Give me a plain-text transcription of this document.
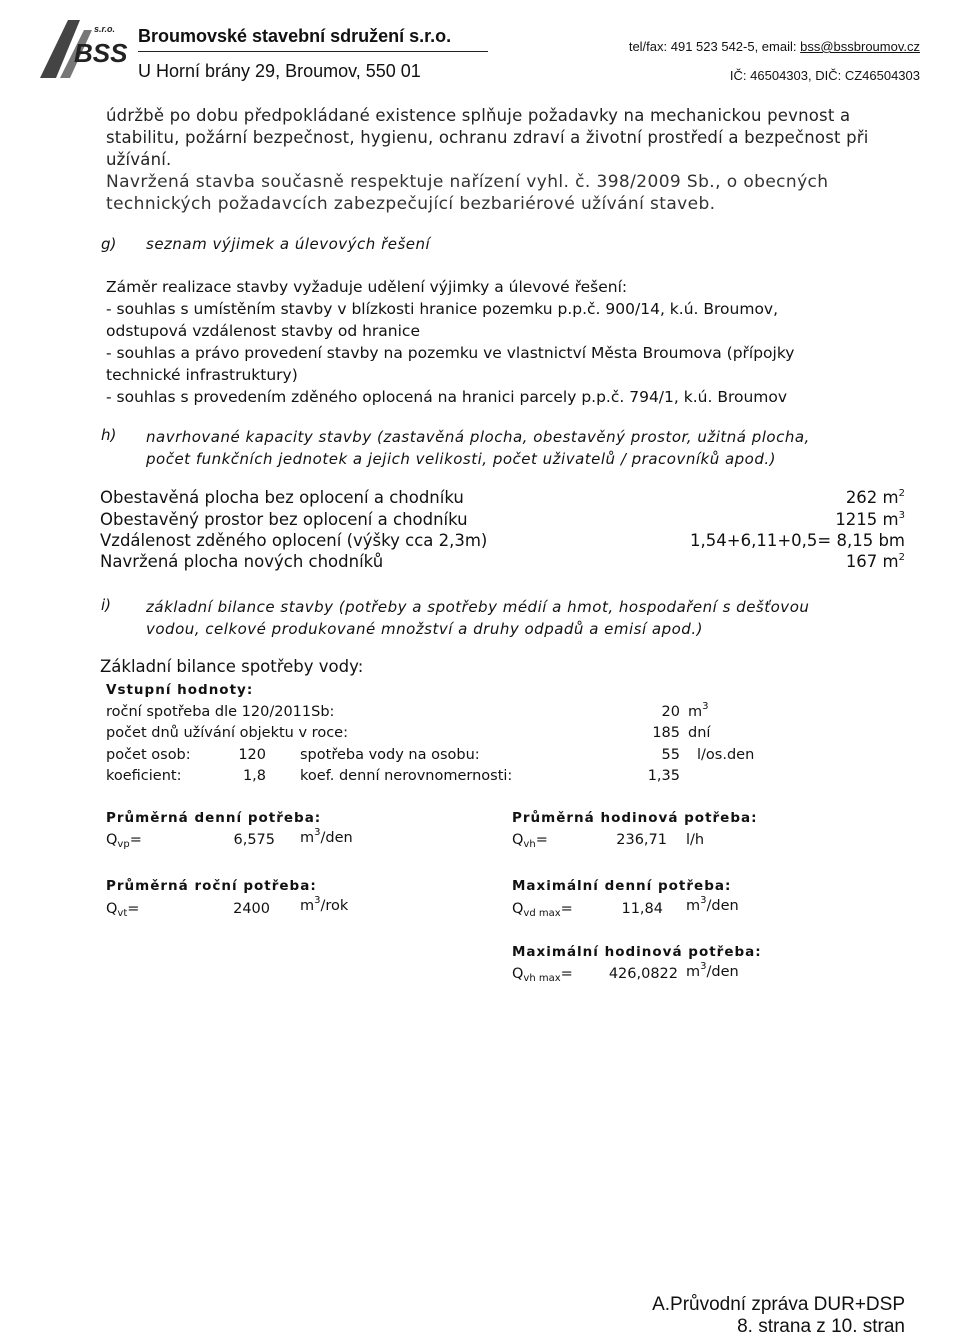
BSS
s.r.o. Broumovské stavební sdružení s.r.o.
U Horní brány 29, Broumov, 550 01
tel/fax: 491 523 542-5, email: bss@bssbroumov.cz
IČ: 46504303, DIČ: CZ46504303
údržbě po dobu předpokládané existence splňuje požadavky na mechanickou pevnost a
stabilitu, požární bezpečnost, hygienu, ochranu zdraví a životní prostředí a bezpečnost při
užívání.
Navržená stavba současně respektuje nařízení vyhl. č. 398/2009 Sb., o obecných
technických požadavcích zabezpečující bezbariérové užívání staveb.
g) seznam výjimek a úlevových řešení
Záměr realizace stavby vyžaduje udělení výjimky a úlevové řešení:
- souhlas s umístěním stavby v blízkosti hranice pozemku p.p.č. 900/14, k.ú. Broumov,
odstupová vzdálenost stavby od hranice
- souhlas a právo provedení stavby na pozemku ve vlastnictví Města Broumova (přípojky
technické infrastruktury)
- souhlas s provedením zděného oplocená na hranici parcely p.p.č. 794/1, k.ú. Broumov
h) navrhované kapacity stavby (zastavěná plocha, obestavěný prostor, užitná plocha,
počet funkčních jednotek a jejich velikosti, počet uživatelů / pracovníků apod.)
Obestavěná plocha bez oplocení a chodníku	262 $m^2$
Obestavěný prostor bez oplocení a chodníku	1215 $m^3$
Vzdálenost zděného oplocení (výšky cca 2,3m)	1,54+6,11+0,5= 8,15 bm
Navržená plocha nových chodníků	167 $m^2$
i) základní bilance stavby (potřeby a spotřeby médií a hmot, hospodaření s dešťovou
vodou, celkové produkované množství a druhy odpadů a emisí apod.)
Základní bilance spotřeby vody:
Vstupní hodnoty:
roční spotřeba dle 120/2011Sb:	20 $m^3$
počet dnů užívání objektu v roce:	185 dní
počet osob:	120 spotřeba vody na osobu:	55 l/os.den
koeficient:	1,8 koef. denní nerovnomernosti:	1,35
Průměrná denní potřeba:
$Q_{vp}=$	6,575 $m^3$/den
Průměrná roční potřeba:
$Q_{vt}=$	2400 $m^3$/rok
Průměrná hodinová potřeba:
$Q_{vh}=$	236,71 l/h
Maximální denní potřeba:
$Q_{vd max}=$	11,84 $m^3$/den
Maximální hodinová potřeba:
$Q_{vh max}=$	426,0822 $m^3$/den
A.Průvodní zpráva DUR+DSP
8. strana z 10. stran
